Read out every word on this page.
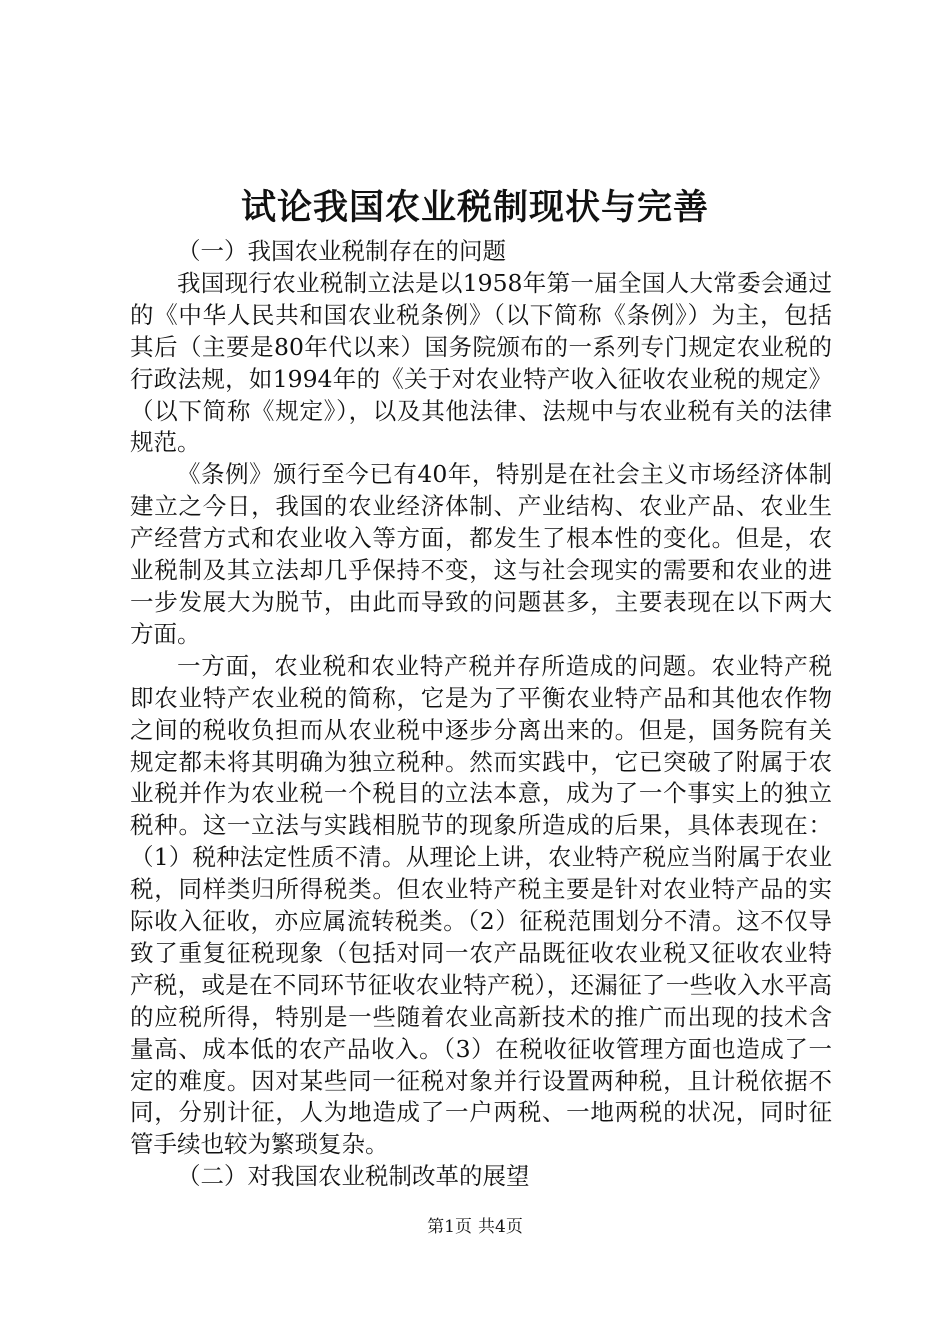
试论我国农业税制现状与完善

（一）我国农业税制存在的问题

我国现行农业税制立法是以1958年第一届全国人大常委会通过的《中华人民共和国农业税条例》（以下简称《条例》）为主，包括其后（主要是80年代以来）国务院颁布的一系列专门规定农业税的行政法规，如1994年的《关于对农业特产收入征收农业税的规定》（以下简称《规定》），以及其他法律、法规中与农业税有关的法律规范。

《条例》颁行至今已有40年，特别是在社会主义市场经济体制建立之今日，我国的农业经济体制、产业结构、农业产品、农业生产经营方式和农业收入等方面，都发生了根本性的变化。但是，农业税制及其立法却几乎保持不变，这与社会现实的需要和农业的进一步发展大为脱节，由此而导致的问题甚多，主要表现在以下两大方面。

一方面，农业税和农业特产税并存所造成的问题。农业特产税即农业特产农业税的简称，它是为了平衡农业特产品和其他农作物之间的税收负担而从农业税中逐步分离出来的。但是，国务院有关规定都未将其明确为独立税种。然而实践中，它已突破了附属于农业税并作为农业税一个税目的立法本意，成为了一个事实上的独立税种。这一立法与实践相脱节的现象所造成的后果，具体表现在：（1）税种法定性质不清。从理论上讲，农业特产税应当附属于农业税，同样类归所得税类。但农业特产税主要是针对农业特产品的实际收入征收，亦应属流转税类。（2）征税范围划分不清。这不仅导致了重复征税现象（包括对同一农产品既征收农业税又征收农业特产税，或是在不同环节征收农业特产税），还漏征了一些收入水平高的应税所得，特别是一些随着农业高新技术的推广而出现的技术含量高、成本低的农产品收入。（3）在税收征收管理方面也造成了一定的难度。因对某些同一征税对象并行设置两种税，且计税依据不同，分别计征，人为地造成了一户两税、一地两税的状况，同时征管手续也较为繁琐复杂。

（二）对我国农业税制改革的展望

第1页 共4页
